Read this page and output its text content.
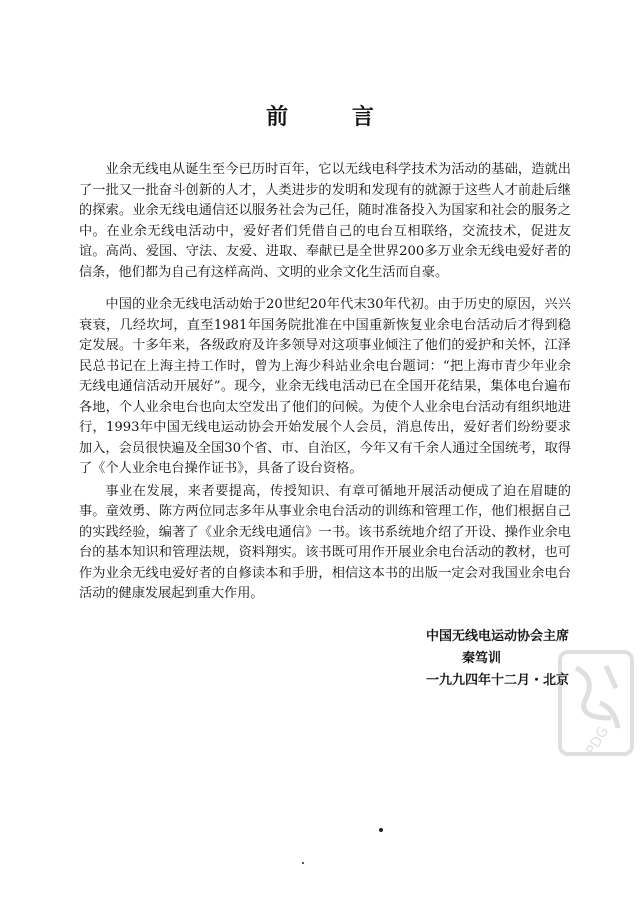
前 言

业余无线电从诞生至今已历时百年，它以无线电科学技术为活动的基础，造就出了一批又一批奋斗创新的人才，人类进步的发明和发现有的就源于这些人才前赴后继的探索。业余无线电通信还以服务社会为己任，随时准备投入为国家和社会的服务之中。在业余无线电活动中，爱好者们凭借自己的电台互相联络，交流技术，促进友谊。高尚、爱国、守法、友爱、进取、奉献已是全世界200多万业余无线电爱好者的信条，他们都为自己有这样高尚、文明的业余文化生活而自豪。

中国的业余无线电活动始于20世纪20年代末30年代初。由于历史的原因，兴兴衰衰，几经坎坷，直至1981年国务院批准在中国重新恢复业余电台活动后才得到稳定发展。十多年来，各级政府及许多领导对这项事业倾注了他们的爱护和关怀，江泽民总书记在上海主持工作时，曾为上海少科站业余电台题词：“把上海市青少年业余无线电通信活动开展好”。现今，业余无线电活动已在全国开花结果，集体电台遍布各地，个人业余电台也向太空发出了他们的问候。为使个人业余电台活动有组织地进行，1993年中国无线电运动协会开始发展个人会员，消息传出，爱好者们纷纷要求加入，会员很快遍及全国30个省、市、自治区，今年又有千余人通过全国统考，取得了《个人业余电台操作证书》，具备了设台资格。

事业在发展，来者要提高，传授知识、有章可循地开展活动便成了迫在眉睫的事。童效勇、陈方两位同志多年从事业余电台活动的训练和管理工作，他们根据自己的实践经验，编著了《业余无线电通信》一书。该书系统地介绍了开设、操作业余电台的基本知识和管理法规，资料翔实。该书既可用作开展业余电台活动的教材，也可作为业余无线电爱好者的自修读本和手册，相信这本书的出版一定会对我国业余电台活动的健康发展起到重大作用。

中国无线电运动协会主席
秦笃训
一九九四年十二月・北京
PDG
